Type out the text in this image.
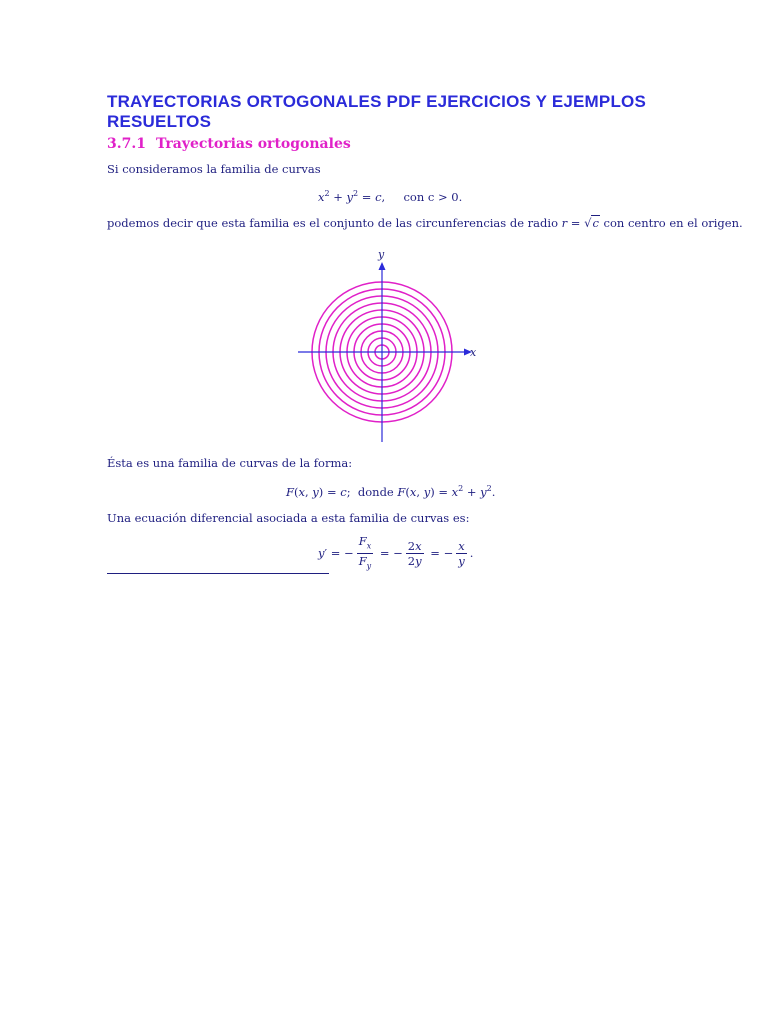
TRAYECTORIAS ORTOGONALES PDF EJERCICIOS Y EJEMPLOS RESUELTOS
3.7.1 Trayectorias ortogonales
Si consideramos la familia de curvas
$x^2 + y^2 = c$,     con c > 0.
podemos decir que esta familia es el conjunto de las circunferencias de radio r = √c con centro en el origen.
x
y
Ésta es una familia de curvas de la forma:
F(x, y) = c;  donde F(x, $y) = x^2 + y^2$.
Una ecuación diferencial asociada a esta familia de curvas es:
y′ = − $\frac{F_x}{F_y}$ = − $\frac{2x}{2y}$ = − $\frac{x}{y}$ .
